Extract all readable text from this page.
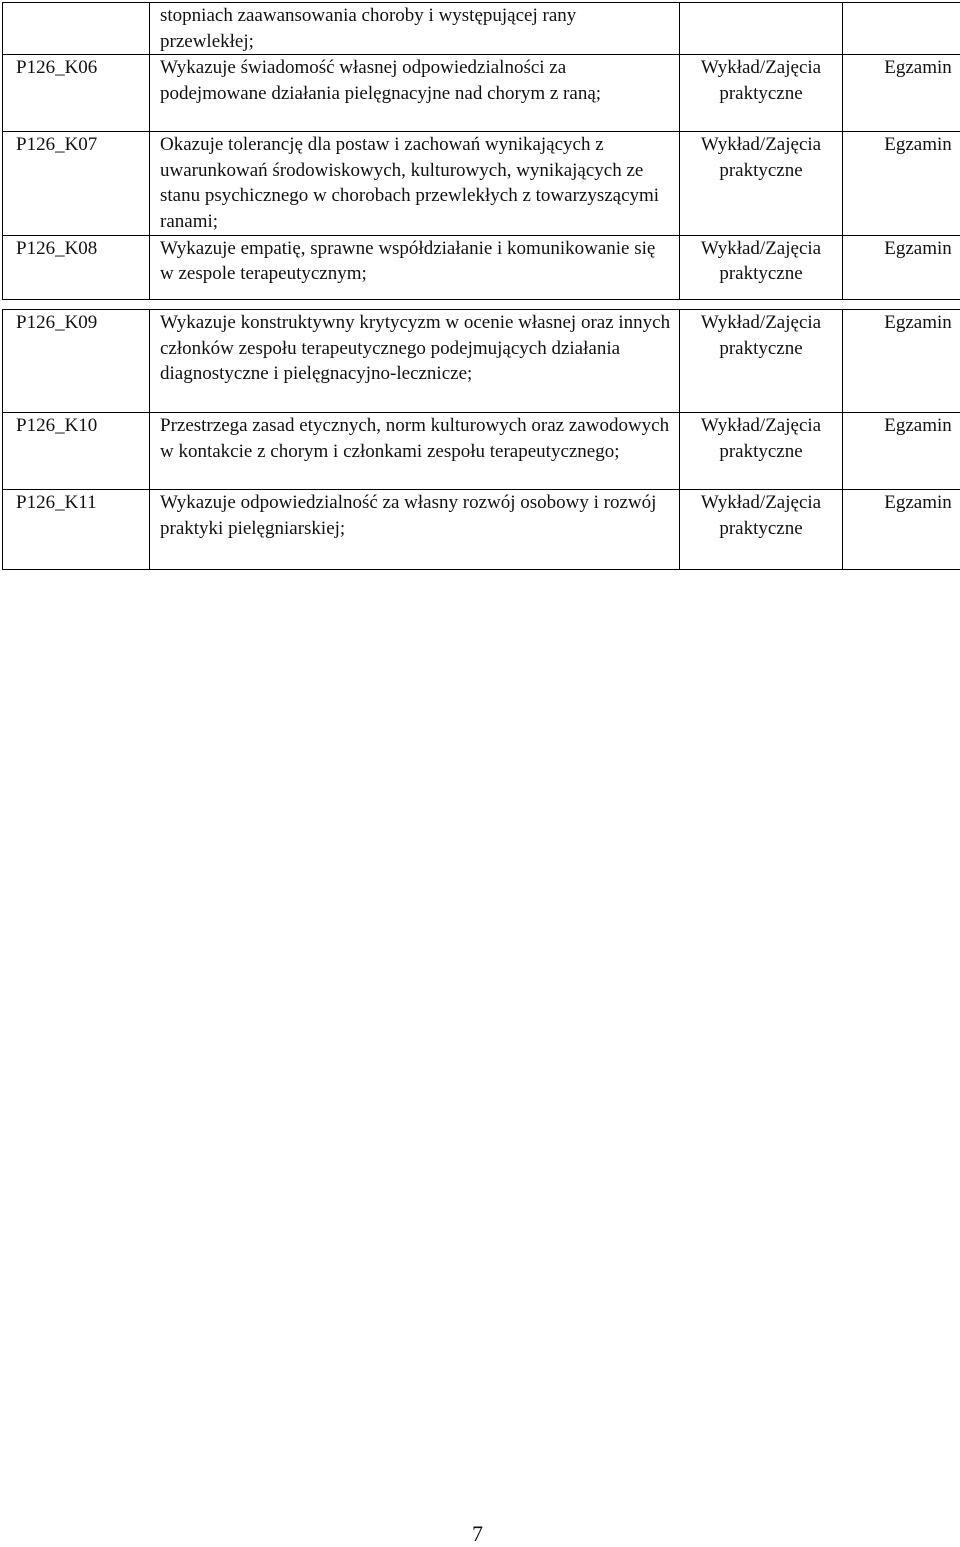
	stopniach zaawansowania choroby i występującej rany przewlekłej;		
P126_K06	Wykazuje świadomość własnej odpowiedzialności za podejmowane działania pielęgnacyjne nad chorym z raną;	Wykład/Zajęcia praktyczne	Egzamin
P126_K07	Okazuje tolerancję dla postaw i zachowań wynikających z uwarunkowań środowiskowych, kulturowych, wynikających ze stanu psychicznego w chorobach przewlekłych z towarzyszącymi ranami;	Wykład/Zajęcia praktyczne	Egzamin
P126_K08	Wykazuje empatię, sprawne współdziałanie i komunikowanie się w zespole terapeutycznym;	Wykład/Zajęcia praktyczne	Egzamin
P126_K09	Wykazuje konstruktywny krytycyzm w ocenie własnej oraz innych członków zespołu terapeutycznego podejmujących działania diagnostyczne i pielęgnacyjno-lecznicze;	Wykład/Zajęcia praktyczne	Egzamin
P126_K10	Przestrzega zasad etycznych, norm kulturowych oraz zawodowych w kontakcie z chorym i członkami zespołu terapeutycznego;	Wykład/Zajęcia praktyczne	Egzamin
P126_K11	Wykazuje odpowiedzialność za własny rozwój osobowy i rozwój praktyki pielęgniarskiej;	Wykład/Zajęcia praktyczne	Egzamin
7
